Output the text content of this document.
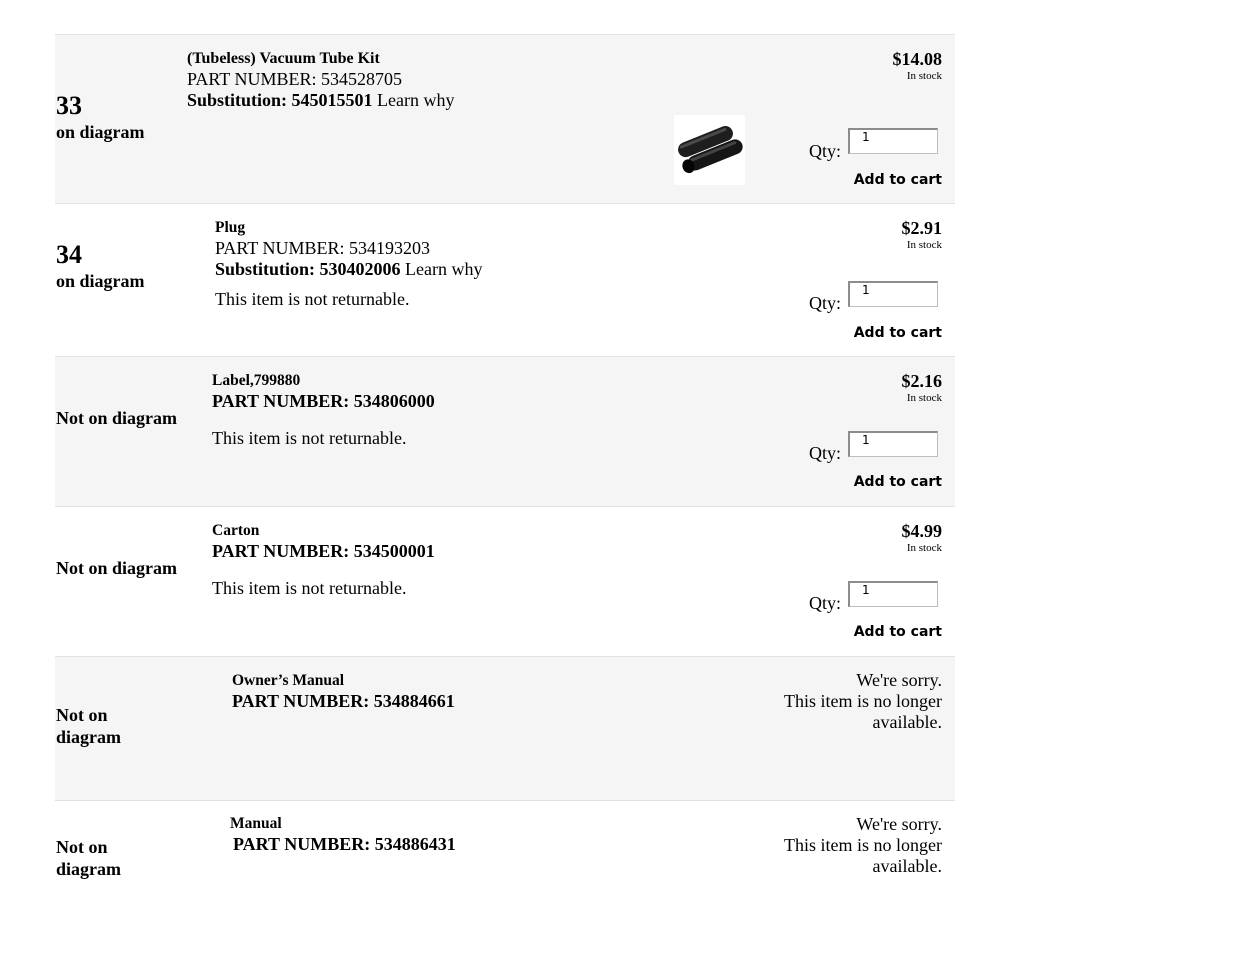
33
on diagram
(Tubeless) Vacuum Tube Kit
PART NUMBER: 534528705
Substitution: 545015501 Learn why
$14.08
In stock
Qty:
1
Add to cart
34
on diagram
Plug
PART NUMBER: 534193203
Substitution: 530402006 Learn why
This item is not returnable.
$2.91
In stock
Qty:
1
Add to cart
Not on diagram
Label,799880
PART NUMBER: 534806000
This item is not returnable.
$2.16
In stock
Qty:
1
Add to cart
Not on diagram
Carton
PART NUMBER: 534500001
This item is not returnable.
$4.99
In stock
Qty:
1
Add to cart
Not on
diagram
Owner’s Manual
PART NUMBER: 534884661
We're sorry.
This item is no longer
available.
Not on
diagram
Manual
PART NUMBER: 534886431
We're sorry.
This item is no longer
available.
